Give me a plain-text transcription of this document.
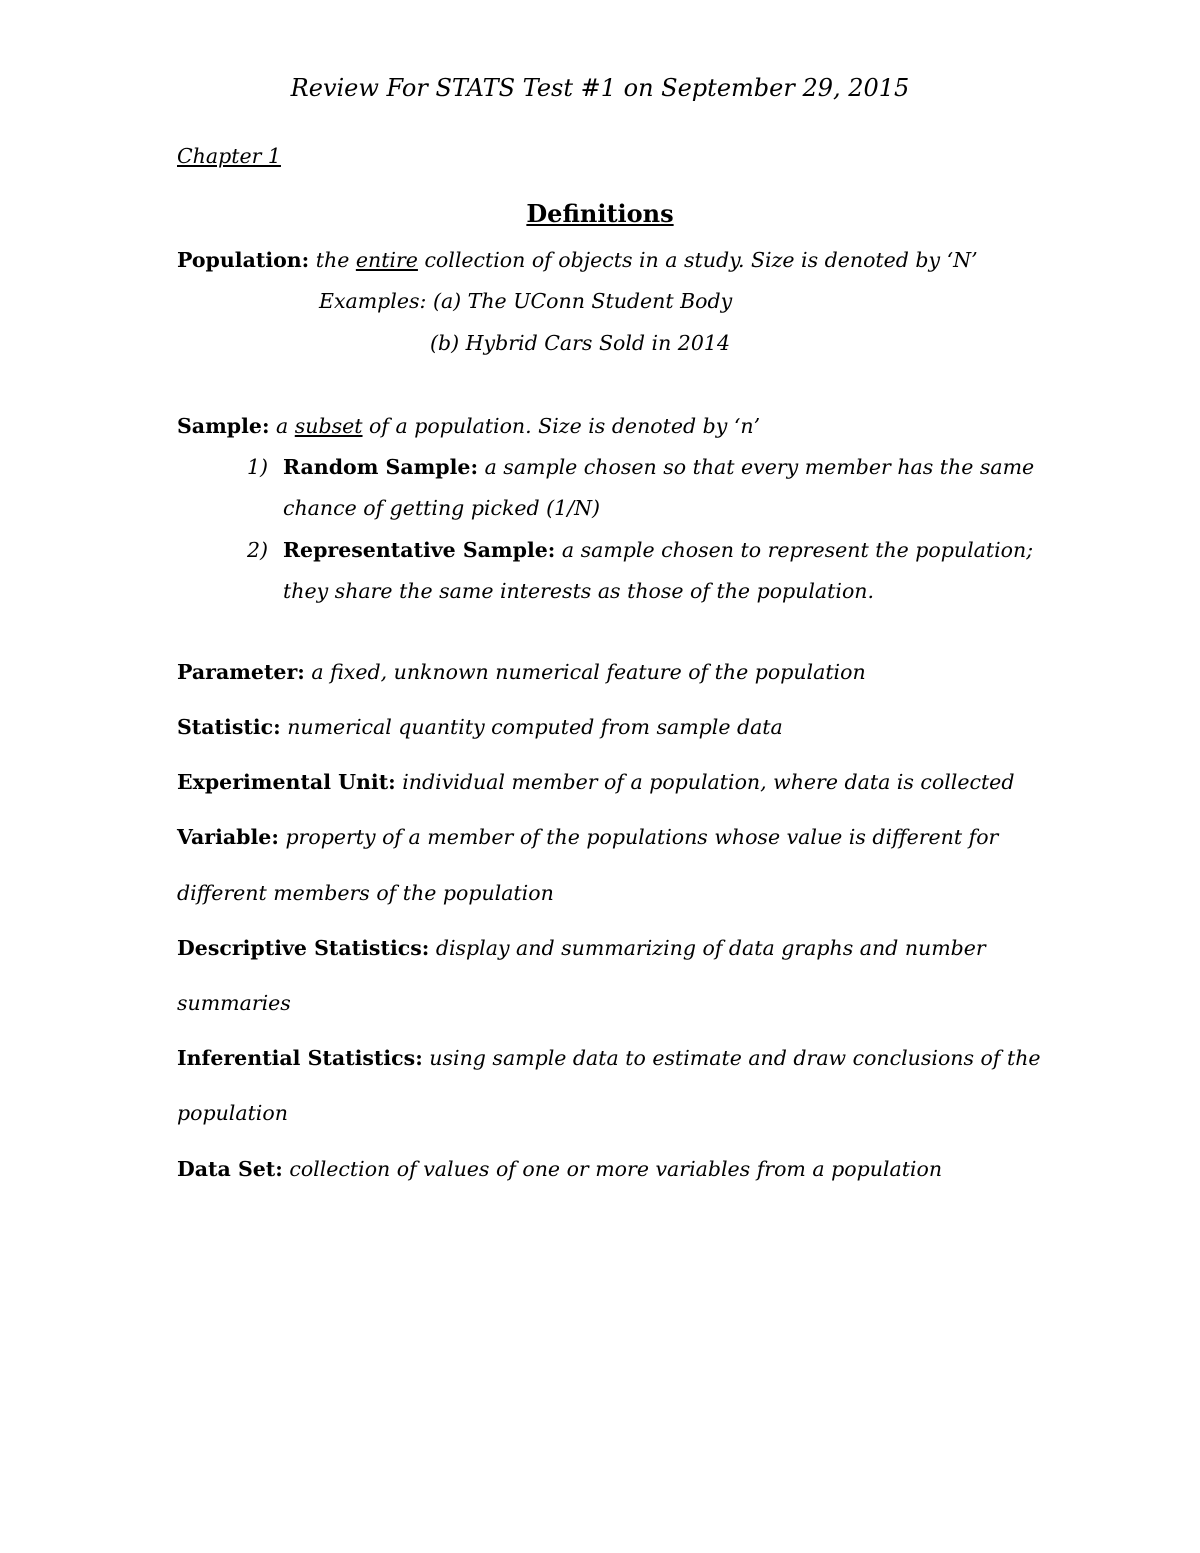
Review For STATS Test #1 on September 29, 2015
Chapter 1
Definitions
Population: the entire collection of objects in a study. Size is denoted by ‘N’
Examples: (a) The UConn Student Body
(b) Hybrid Cars Sold in 2014
Sample: a subset of a population. Size is denoted by ‘n’
1) Random Sample: a sample chosen so that every member has the same
chance of getting picked (1/N)
2) Representative Sample: a sample chosen to represent the population;
they share the same interests as those of the population.
Parameter: a fixed, unknown numerical feature of the population
Statistic: numerical quantity computed from sample data
Experimental Unit: individual member of a population, where data is collected
Variable: property of a member of the populations whose value is different for
different members of the population
Descriptive Statistics: display and summarizing of data graphs and number
summaries
Inferential Statistics: using sample data to estimate and draw conclusions of the
population
Data Set: collection of values of one or more variables from a population
